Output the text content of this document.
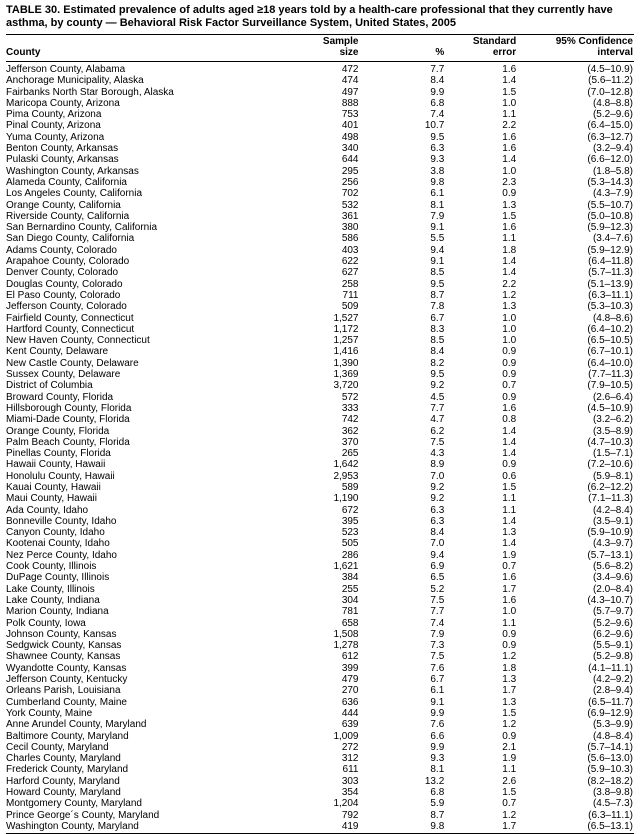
TABLE 30. Estimated prevalence of adults aged ≥18 years told by a health-care professional that they currently have asthma, by county — Behavioral Risk Factor Surveillance System, United States, 2005

	Sample		Standard	95% Confidence
County	size	%	error	interval
Jefferson County, Alabama	472	7.7	1.6	(4.5–10.9)
Anchorage Municipality, Alaska	474	8.4	1.4	(5.6–11.2)
Fairbanks North Star Borough, Alaska	497	9.9	1.5	(7.0–12.8)
Maricopa County, Arizona	888	6.8	1.0	(4.8–8.8)
Pima County, Arizona	753	7.4	1.1	(5.2–9.6)
Pinal County, Arizona	401	10.7	2.2	(6.4–15.0)
Yuma County, Arizona	498	9.5	1.6	(6.3–12.7)
Benton County, Arkansas	340	6.3	1.6	(3.2–9.4)
Pulaski County, Arkansas	644	9.3	1.4	(6.6–12.0)
Washington County, Arkansas	295	3.8	1.0	(1.8–5.8)
Alameda County, California	256	9.8	2.3	(5.3–14.3)
Los Angeles County, California	702	6.1	0.9	(4.3–7.9)
Orange County, California	532	8.1	1.3	(5.5–10.7)
Riverside County, California	361	7.9	1.5	(5.0–10.8)
San Bernardino County, California	380	9.1	1.6	(5.9–12.3)
San Diego County, California	586	5.5	1.1	(3.4–7.6)
Adams County, Colorado	403	9.4	1.8	(5.9–12.9)
Arapahoe County, Colorado	622	9.1	1.4	(6.4–11.8)
Denver County, Colorado	627	8.5	1.4	(5.7–11.3)
Douglas County, Colorado	258	9.5	2.2	(5.1–13.9)
El Paso County, Colorado	711	8.7	1.2	(6.3–11.1)
Jefferson County, Colorado	509	7.8	1.3	(5.3–10.3)
Fairfield County, Connecticut	1,527	6.7	1.0	(4.8–8.6)
Hartford County, Connecticut	1,172	8.3	1.0	(6.4–10.2)
New Haven County, Connecticut	1,257	8.5	1.0	(6.5–10.5)
Kent County, Delaware	1,416	8.4	0.9	(6.7–10.1)
New Castle County, Delaware	1,390	8.2	0.9	(6.4–10.0)
Sussex County, Delaware	1,369	9.5	0.9	(7.7–11.3)
District of Columbia	3,720	9.2	0.7	(7.9–10.5)
Broward County, Florida	572	4.5	0.9	(2.6–6.4)
Hillsborough County, Florida	333	7.7	1.6	(4.5–10.9)
Miami-Dade County, Florida	742	4.7	0.8	(3.2–6.2)
Orange County, Florida	362	6.2	1.4	(3.5–8.9)
Palm Beach County, Florida	370	7.5	1.4	(4.7–10.3)
Pinellas County, Florida	265	4.3	1.4	(1.5–7.1)
Hawaii County, Hawaii	1,642	8.9	0.9	(7.2–10.6)
Honolulu County, Hawaii	2,953	7.0	0.6	(5.9–8.1)
Kauai County, Hawaii	589	9.2	1.5	(6.2–12.2)
Maui County, Hawaii	1,190	9.2	1.1	(7.1–11.3)
Ada County, Idaho	672	6.3	1.1	(4.2–8.4)
Bonneville County, Idaho	395	6.3	1.4	(3.5–9.1)
Canyon County, Idaho	523	8.4	1.3	(5.9–10.9)
Kootenai County, Idaho	505	7.0	1.4	(4.3–9.7)
Nez Perce County, Idaho	286	9.4	1.9	(5.7–13.1)
Cook County, Illinois	1,621	6.9	0.7	(5.6–8.2)
DuPage County, Illinois	384	6.5	1.6	(3.4–9.6)
Lake County, Illinois	255	5.2	1.7	(2.0–8.4)
Lake County, Indiana	304	7.5	1.6	(4.3–10.7)
Marion County, Indiana	781	7.7	1.0	(5.7–9.7)
Polk County, Iowa	658	7.4	1.1	(5.2–9.6)
Johnson County, Kansas	1,508	7.9	0.9	(6.2–9.6)
Sedgwick County, Kansas	1,278	7.3	0.9	(5.5–9.1)
Shawnee County, Kansas	612	7.5	1.2	(5.2–9.8)
Wyandotte County, Kansas	399	7.6	1.8	(4.1–11.1)
Jefferson County, Kentucky	479	6.7	1.3	(4.2–9.2)
Orleans Parish, Louisiana	270	6.1	1.7	(2.8–9.4)
Cumberland County, Maine	636	9.1	1.3	(6.5–11.7)
York County, Maine	444	9.9	1.5	(6.9–12.9)
Anne Arundel County, Maryland	639	7.6	1.2	(5.3–9.9)
Baltimore County, Maryland	1,009	6.6	0.9	(4.8–8.4)
Cecil County, Maryland	272	9.9	2.1	(5.7–14.1)
Charles County, Maryland	312	9.3	1.9	(5.6–13.0)
Frederick County, Maryland	611	8.1	1.1	(5.9–10.3)
Harford County, Maryland	303	13.2	2.6	(8.2–18.2)
Howard County, Maryland	354	6.8	1.5	(3.8–9.8)
Montgomery County, Maryland	1,204	5.9	0.7	(4.5–7.3)
Prince George´s County, Maryland	792	8.7	1.2	(6.3–11.1)
Washington County, Maryland	419	9.8	1.7	(6.5–13.1)
